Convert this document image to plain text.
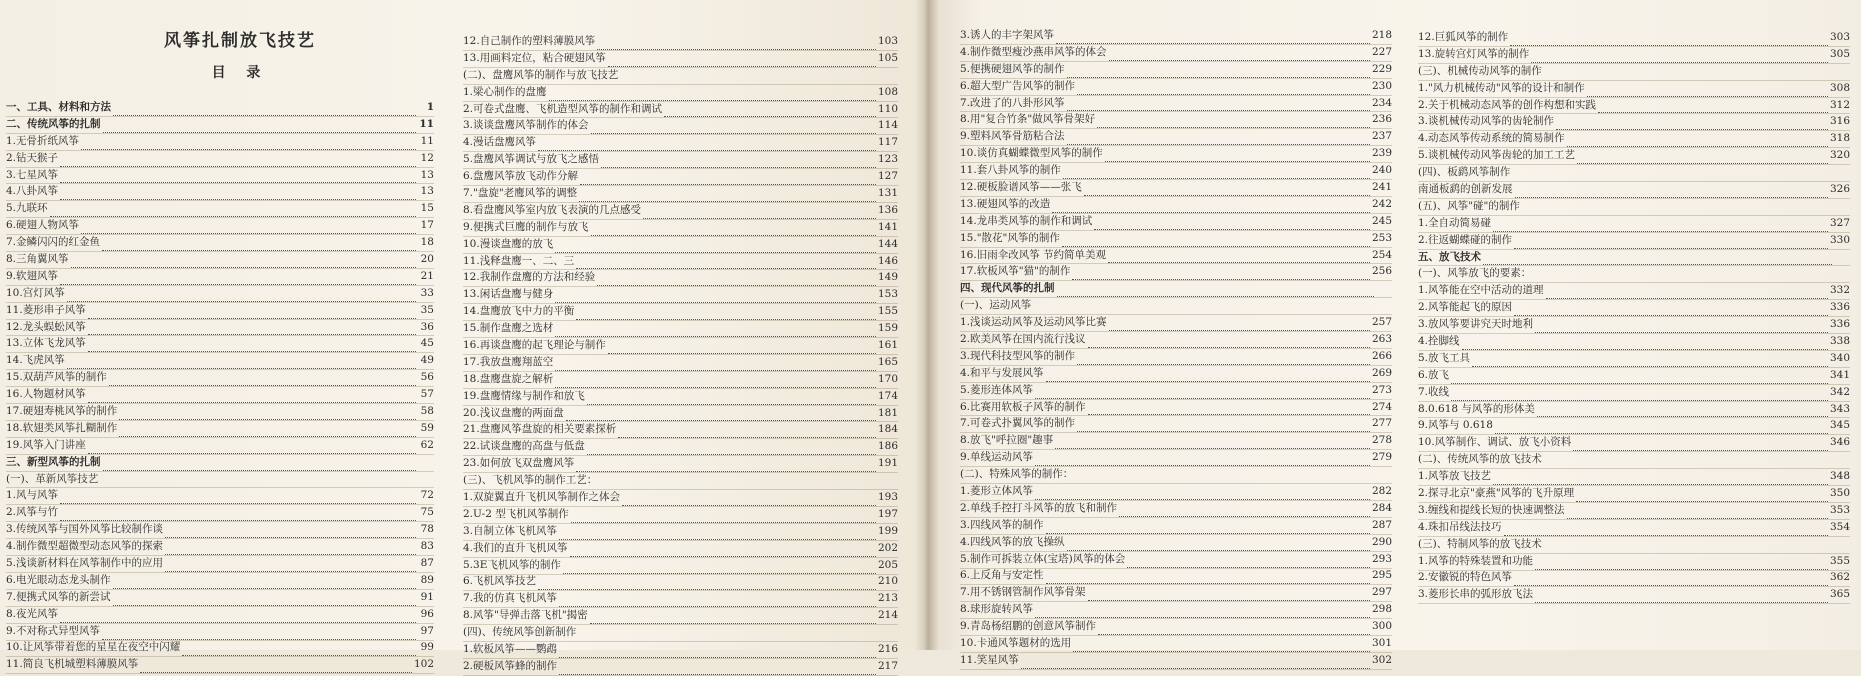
风筝扎制放飞技艺
目 录
一、工具、材料和方法	1
二、传统风筝的扎制	11
1.无骨折纸风筝	11
2.钻天猴子	12
3.七星风筝	13
4.八卦风筝	13
5.九联环	15
6.硬翅人物风筝	17
7.金鳞闪闪的红金鱼	18
8.三角翼风筝	20
9.软翅风筝	21
10.宫灯风筝	33
11.菱形串子风筝	35
12.龙头蜈蚣风筝	36
13.立体飞龙风筝	45
14.飞虎风筝	49
15.双葫芦风筝的制作	56
16.人物题材风筝	57
17.硬翅寿桃风筝的制作	58
18.软翅类风筝扎糊制作	59
19.风筝入门讲座	62
三、新型风筝的扎制
(一)、革新风筝技艺
1.风与风筝	72
2.风筝与竹	75
3.传统风筝与国外风筝比较制作谈	78
4.制作微型超微型动态风筝的探索	83
5.浅谈新材料在风筝制作中的应用	87
6.电光眼动态龙头制作	89
7.便携式风筝的新尝试	91
8.夜光风筝	96
9.不对称式异型风筝	97
10.让风筝带着您的星星在夜空中闪耀	99
11.简良飞机城塑料薄膜风筝	102
12.自己制作的塑料薄膜风筝	103
13.用画料定位，粘合硬翅风筝	105
(二)、盘鹰风筝的制作与放飞技艺
1.梁心制作的盘鹰	108
2.可卷式盘鹰、飞机造型风筝的制作和调试	110
3.谈谈盘鹰风筝制作的体会	114
4.漫话盘鹰风筝	117
5.盘鹰风筝调试与放飞之感悟	123
6.盘鹰风筝放飞动作分解	127
7."盘旋"老鹰风筝的调整	131
8.看盘鹰风筝室内放飞表演的几点感受	136
9.便携式巨鹰的制作与放飞	141
10.漫谈盘鹰的放飞	144
11.浅释盘鹰一、二、三	146
12.我制作盘鹰的方法和经验	149
13.闲话盘鹰与健身	153
14.盘鹰放飞中力的平衡	155
15.制作盘鹰之选材	159
16.再谈盘鹰的起飞理论与制作	161
17.我放盘鹰翔蓝空	165
18.盘鹰盘旋之解析	170
19.盘鹰情缘与制作和放飞	174
20.浅议盘鹰的两面盘	181
21.盘鹰风筝盘旋的相关要素探析	184
22.试谈盘鹰的高盘与低盘	186
23.如何放飞双盘鹰风筝	191
(三)、飞机风筝的制作工艺：
1.双旋翼直升飞机风筝制作之体会	193
2.U-2 型飞机风筝制作	197
3.自制立体飞机风筝	199
4.我们的直升飞机风筝	202
5.3E飞机风筝的制作	205
6.飞机风筝技艺	210
7.我的仿真飞机风筝	213
8.风筝"导弹击落飞机"揭密	214
(四)、传统风筝创新制作
1.软板风筝——鹦鹉	216
2.硬板风筝蜂的制作	217
3.诱人的丰字架风筝	218
4.制作微型瘦沙燕串风筝的体会	227
5.便携硬翅风筝的制作	229
6.超大型广告风筝的制作	230
7.改进了的八卦形风筝	234
8.用"复合竹条"做风筝骨架好	236
9.塑料风筝骨筋粘合法	237
10.谈仿真蝴蝶微型风筝的制作	239
11.套八卦风筝的制作	240
12.硬板脸谱风筝——张飞	241
13.硬翅风筝的改造	242
14.龙串类风筝的制作和调试	245
15."散花"风筝的制作	253
16.旧雨伞改风筝 节约简单美观	254
17.软板风筝"猫"的制作	256
四、现代风筝的扎制
(一)、运动风筝
1.浅谈运动风筝及运动风筝比赛	257
2.欧美风筝在国内流行浅议	263
3.现代科技型风筝的制作	266
4.和平与发展风筝	269
5.菱形连体风筝	273
6.比赛用软板子风筝的制作	274
7.可卷式扑翼风筝的制作	277
8.放飞"呼拉圈"趣事	278
9.单线运动风筝	279
(二)、特殊风筝的制作：
1.菱形立体风筝	282
2.单线手控打斗风筝的放飞和制作	284
3.四线风筝的制作	287
4.四线风筝的放飞操纵	290
5.制作可拆装立体(宝塔)风筝的体会	293
6.上反角与安定性	295
7.用不锈钢管制作风筝骨架	297
8.球形旋转风筝	298
9.青岛杨绍鹏的创意风筝制作	300
10.卡通风筝题材的选用	301
11.笑星风筝	302
12.巨狐风筝的制作	303
13.旋转宫灯风筝的制作	305
(三)、机械传动风筝的制作
1."风力机械传动"风筝的设计和制作	308
2.关于机械动态风筝的创作构想和实践	312
3.谈机械传动风筝的齿轮制作	316
4.动态风筝传动系统的简易制作	318
5.谈机械传动风筝齿轮的加工工艺	320
(四)、板鹞风筝制作
南通板鹞的创新发展	326
(五)、风筝"碰"的制作
1.全自动简易碰	327
2.往返蝴蝶碰的制作	330
五、放飞技术
(一)、风筝放飞的要素：
1.风筝能在空中活动的道理	332
2.风筝能起飞的原因	336
3.放风筝要讲究天时地利	336
4.拴脚线	338
5.放飞工具	340
6.放飞	341
7.收线	342
8.0.618 与风筝的形体美	343
9.风筝与 0.618	345
10.风筝制作、调试、放飞小资料	346
(二)、传统风筝的放飞技术
1.风筝放飞技艺	348
2.探寻北京"豪燕"风筝的飞升原理	350
3.缠线和提线长短的快速调整法	353
4.珠扣吊线法技巧	354
(三)、特制风筝的放飞技术
1.风筝的特殊装置和功能	355
2.安徽锐的特色风筝	362
3.菱形长串的弧形放飞法	365
